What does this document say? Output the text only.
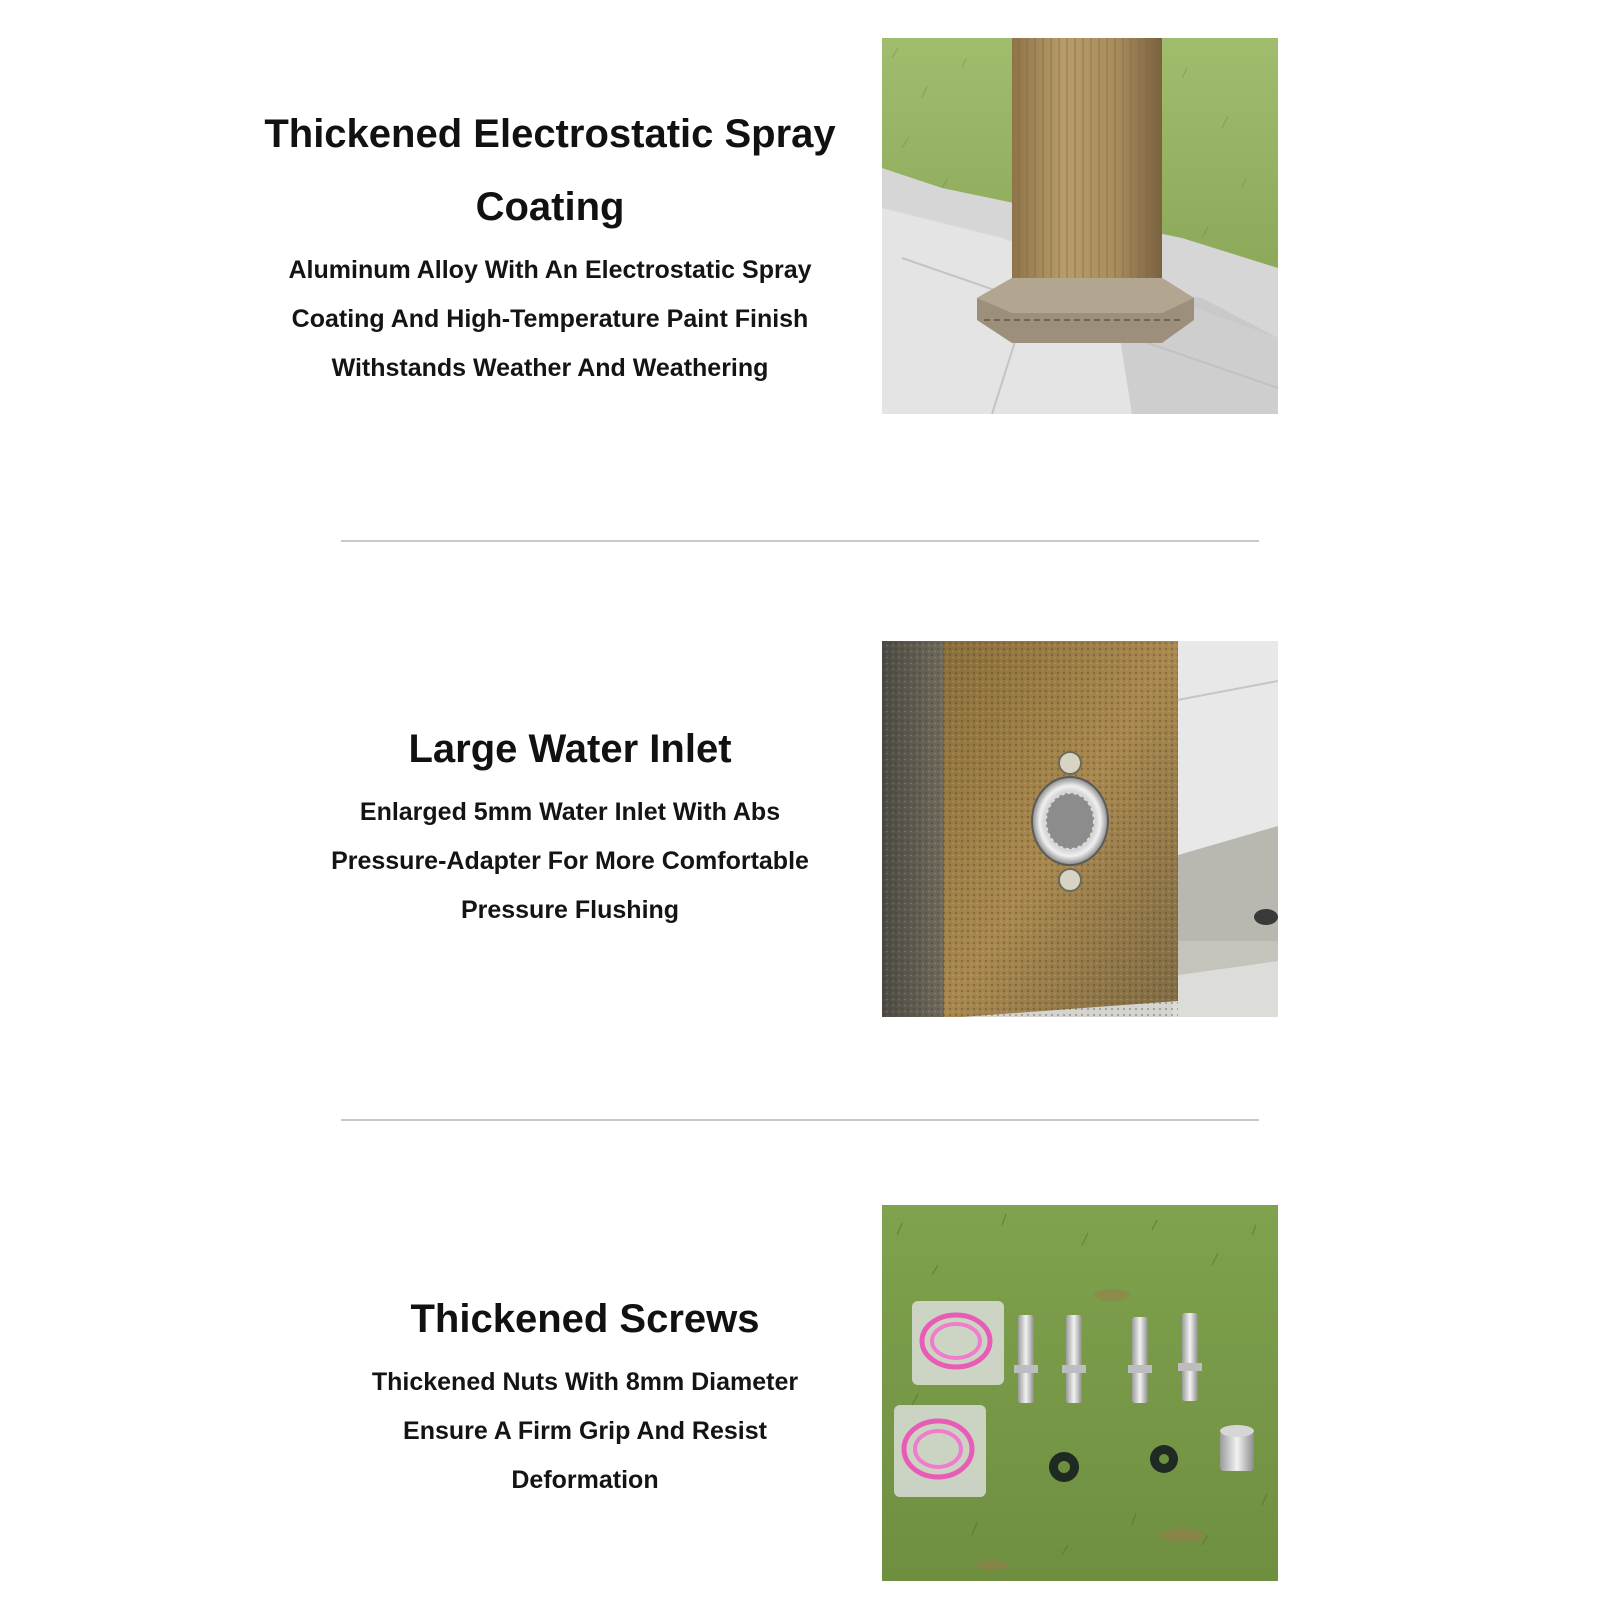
Thickened Electrostatic Spray

Coating

Aluminum Alloy With An Electrostatic Spray

Coating And High-Temperature Paint Finish

Withstands Weather And Weathering

Large Water Inlet

Enlarged 5mm Water Inlet With Abs

Pressure-Adapter For More Comfortable

Pressure Flushing

Thickened Screws

Thickened Nuts With 8mm Diameter

Ensure A Firm Grip And Resist

Deformation
